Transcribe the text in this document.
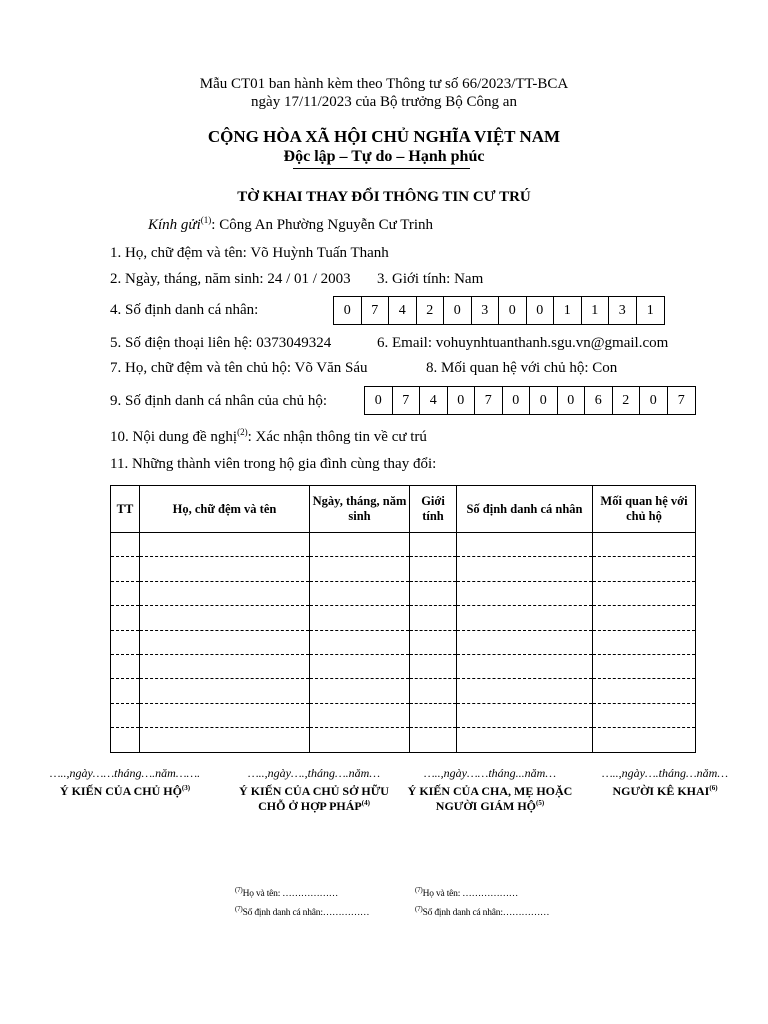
Mẫu CT01 ban hành kèm theo Thông tư số 66/2023/TT-BCA
ngày 17/11/2023 của Bộ trưởng Bộ Công an
CỘNG HÒA XÃ HỘI CHỦ NGHĨA VIỆT NAM
Độc lập – Tự do – Hạnh phúc
TỜ KHAI THAY ĐỔI THÔNG TIN CƯ TRÚ
Kính gửi$^{(1)}$: Công An Phường Nguyễn Cư Trinh
1. Họ, chữ đệm và tên: Võ Huỳnh Tuấn Thanh
2. Ngày, tháng, năm sinh: 24 / 01 / 2003 3. Giới tính: Nam
4. Số định danh cá nhân:	0	7	4	2	0	3	0	0	1	1	3	1
5. Số điện thoại liên hệ: 0373049324	6. Email: vohuynhtuanthanh.sgu.vn@gmail.com
7. Họ, chữ đệm và tên chủ hộ: Võ Văn Sáu	8. Mối quan hệ với chủ hộ: Con
9. Số định danh cá nhân của chủ hộ:	0	7	4	0	7	0	0	0	6	2	0	7
10. Nội dung đề nghị$^{(2)}$: Xác nhận thông tin về cư trú
11. Những thành viên trong hộ gia đình cùng thay đổi:
TT	Họ, chữ đệm và tên	Ngày, tháng, năm sinh	Giới tính	Số định danh cá nhân	Mối quan hệ với chủ hộ

…..,ngày……tháng….năm…….
Ý KIẾN CỦA CHỦ HỘ$^{(3)}$
…..,ngày….,tháng….năm…
Ý KIẾN CỦA CHỦ SỞ HỮU CHỖ Ở HỢP PHÁP$^{(4)}$
…..,ngày……tháng...năm…
Ý KIẾN CỦA CHA, MẸ HOẶC NGƯỜI GIÁM HỘ$^{(5)}$
…..,ngày….tháng…năm…
NGƯỜI KÊ KHAI$^{(6)}$
$^{(7)}$Họ và tên: ………………
$^{(7)}$Số định danh cá nhân:……………
$^{(7)}$Họ và tên: ………………
$^{(7)}$Số định danh cá nhân:……………
